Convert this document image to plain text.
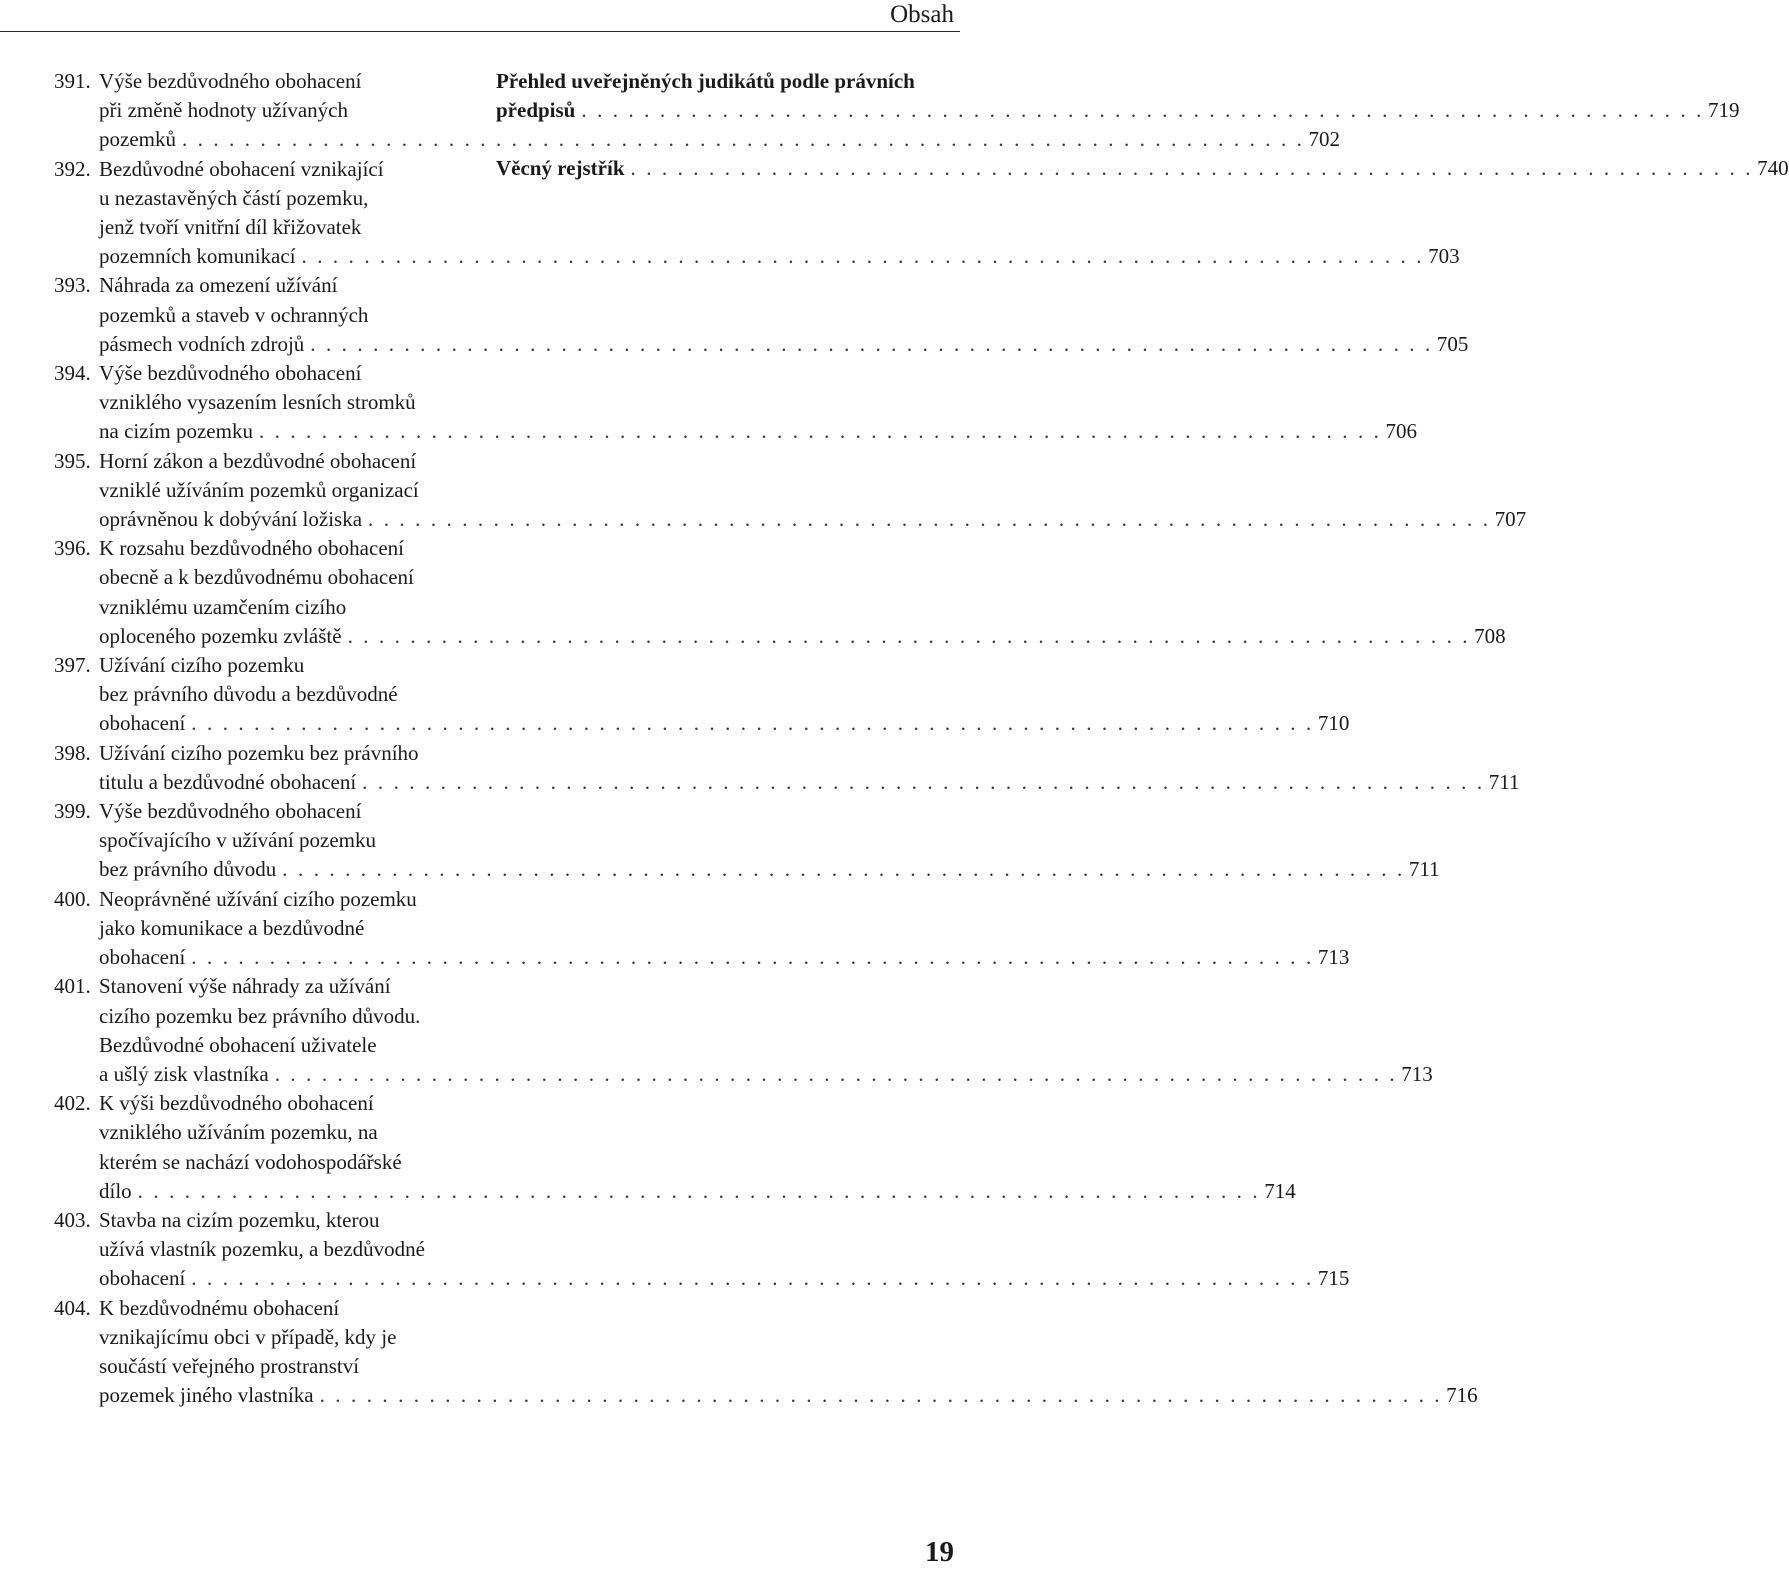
Obsah
391. Výše bezdůvodného obohacení
při změně hodnoty užívaných
pozemků . . . . . . . . . . . . . . . . . . . . . . . . . . . . . . . . . . . . . . . . . . . . . . . . . . . . . . . . . . . . . . . . . . . . . . . . 702
392. Bezdůvodné obohacení vznikající
u nezastavěných částí pozemku,
jenž tvoří vnitřní díl křižovatek
pozemních komunikací . . . . . . . . . . . . . . . . . . . . . . . . . . . . . . . . . . . . . . . . . . . . . . . . . . . . . . . . . . . . . . . . . . . . . . . . 703
393. Náhrada za omezení užívání
pozemků a staveb v ochranných
pásmech vodních zdrojů . . . . . . . . . . . . . . . . . . . . . . . . . . . . . . . . . . . . . . . . . . . . . . . . . . . . . . . . . . . . . . . . . . . . . . . . 705
394. Výše bezdůvodného obohacení
vzniklého vysazením lesních stromků
na cizím pozemku . . . . . . . . . . . . . . . . . . . . . . . . . . . . . . . . . . . . . . . . . . . . . . . . . . . . . . . . . . . . . . . . . . . . . . . . 706
395. Horní zákon a bezdůvodné obohacení
vzniklé užíváním pozemků organizací
oprávněnou k dobývání ložiska . . . . . . . . . . . . . . . . . . . . . . . . . . . . . . . . . . . . . . . . . . . . . . . . . . . . . . . . . . . . . . . . . . . . . . . . 707
396. K rozsahu bezdůvodného obohacení
obecně a k bezdůvodnému obohacení
vzniklému uzamčením cizího
oploceného pozemku zvláště . . . . . . . . . . . . . . . . . . . . . . . . . . . . . . . . . . . . . . . . . . . . . . . . . . . . . . . . . . . . . . . . . . . . . . . . 708
397. Užívání cizího pozemku
bez právního důvodu a bezdůvodné
obohacení . . . . . . . . . . . . . . . . . . . . . . . . . . . . . . . . . . . . . . . . . . . . . . . . . . . . . . . . . . . . . . . . . . . . . . . . 710
398. Užívání cizího pozemku bez právního
titulu a bezdůvodné obohacení . . . . . . . . . . . . . . . . . . . . . . . . . . . . . . . . . . . . . . . . . . . . . . . . . . . . . . . . . . . . . . . . . . . . . . . . 711
399. Výše bezdůvodného obohacení
spočívajícího v užívání pozemku
bez právního důvodu . . . . . . . . . . . . . . . . . . . . . . . . . . . . . . . . . . . . . . . . . . . . . . . . . . . . . . . . . . . . . . . . . . . . . . . . 711
400. Neoprávněné užívání cizího pozemku
jako komunikace a bezdůvodné
obohacení . . . . . . . . . . . . . . . . . . . . . . . . . . . . . . . . . . . . . . . . . . . . . . . . . . . . . . . . . . . . . . . . . . . . . . . . 713
401. Stanovení výše náhrady za užívání
cizího pozemku bez právního důvodu.
Bezdůvodné obohacení uživatele
a ušlý zisk vlastníka . . . . . . . . . . . . . . . . . . . . . . . . . . . . . . . . . . . . . . . . . . . . . . . . . . . . . . . . . . . . . . . . . . . . . . . . 713
402. K výši bezdůvodného obohacení
vzniklého užíváním pozemku, na
kterém se nachází vodohospodářské
dílo . . . . . . . . . . . . . . . . . . . . . . . . . . . . . . . . . . . . . . . . . . . . . . . . . . . . . . . . . . . . . . . . . . . . . . . . 714
403. Stavba na cizím pozemku, kterou
užívá vlastník pozemku, a bezdůvodné
obohacení . . . . . . . . . . . . . . . . . . . . . . . . . . . . . . . . . . . . . . . . . . . . . . . . . . . . . . . . . . . . . . . . . . . . . . . . 715
404. K bezdůvodnému obohacení
vznikajícímu obci v případě, kdy je
součástí veřejného prostranství
pozemek jiného vlastníka . . . . . . . . . . . . . . . . . . . . . . . . . . . . . . . . . . . . . . . . . . . . . . . . . . . . . . . . . . . . . . . . . . . . . . . . 716
Přehled uveřejněných judikátů podle právních
předpisů . . . . . . . . . . . . . . . . . . . . . . . . . . . . . . . . . . . . . . . . . . . . . . . . . . . . . . . . . . . . . . . . . . . . . . . . 719
Věcný rejstřík . . . . . . . . . . . . . . . . . . . . . . . . . . . . . . . . . . . . . . . . . . . . . . . . . . . . . . . . . . . . . . . . . . . . . . . . 740
19
